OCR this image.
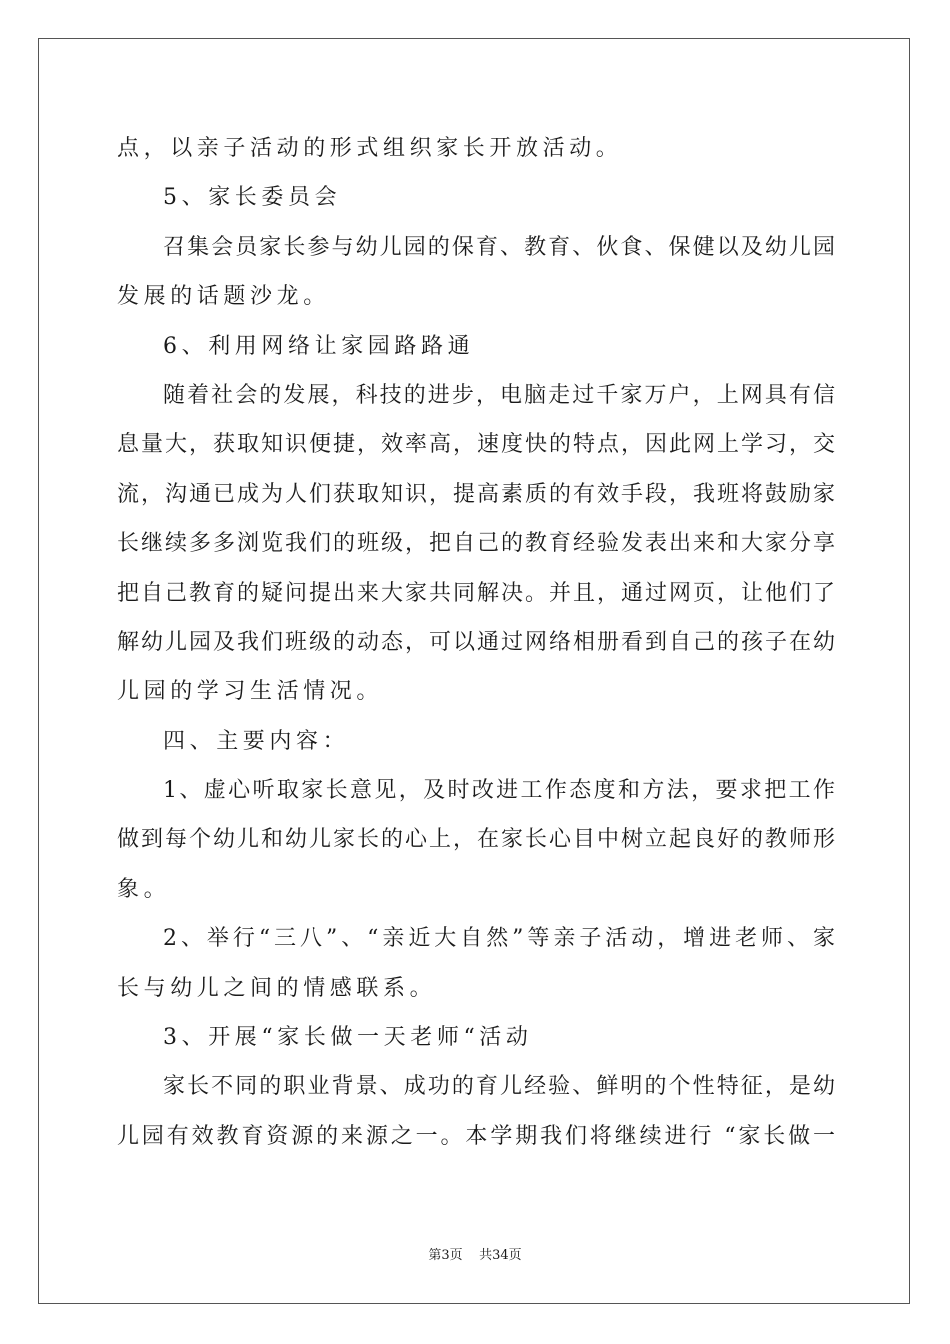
点，以亲子活动的形式组织家长开放活动。
5、家长委员会
召集会员家长参与幼儿园的保育、教育、伙食、保健以及幼儿园
发展的话题沙龙。
6、利用网络让家园路路通
随着社会的发展，科技的进步，电脑走过千家万户，上网具有信
息量大，获取知识便捷，效率高，速度快的特点，因此网上学习，交
流，沟通已成为人们获取知识，提高素质的有效手段，我班将鼓励家
长继续多多浏览我们的班级，把自己的教育经验发表出来和大家分享
把自己教育的疑问提出来大家共同解决。并且，通过网页，让他们了
解幼儿园及我们班级的动态，可以通过网络相册看到自己的孩子在幼
儿园的学习生活情况。
四、主要内容：
1、虚心听取家长意见，及时改进工作态度和方法，要求把工作
做到每个幼儿和幼儿家长的心上，在家长心目中树立起良好的教师形
象。
2、举行“三八”、“亲近大自然”等亲子活动，增进老师、家
长与幼儿之间的情感联系。
3、开展“家长做一天老师“活动
家长不同的职业背景、成功的育儿经验、鲜明的个性特征，是幼
儿园有效教育资源的来源之一。本学期我们将继续进行 “家长做一
第3页 共34页
